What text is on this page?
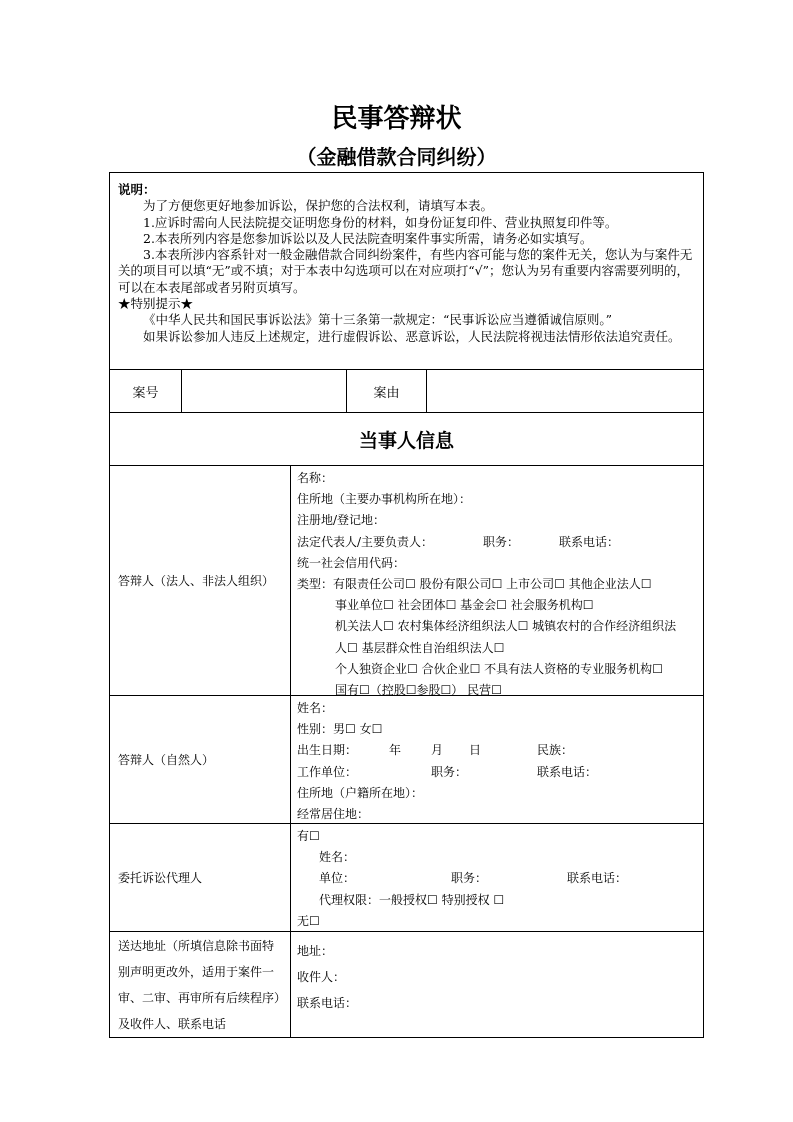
民事答辩状
（金融借款合同纠纷）
说明：
为了方便您更好地参加诉讼，保护您的合法权利，请填写本表。
1.应诉时需向人民法院提交证明您身份的材料，如身份证复印件、营业执照复印件等。
2.本表所列内容是您参加诉讼以及人民法院查明案件事实所需，请务必如实填写。
3.本表所涉内容系针对一般金融借款合同纠纷案件，有些内容可能与您的案件无关，您认为与案件无关的项目可以填“无”或不填；对于本表中勾选项可以在对应项打“√”；您认为另有重要内容需要列明的，可以在本表尾部或者另附页填写。
★特别提示★
《中华人民共和国民事诉讼法》第十三条第一款规定：“民事诉讼应当遵循诚信原则。”
如果诉讼参加人违反上述规定，进行虚假诉讼、恶意诉讼，人民法院将视违法情形依法追究责任。
案号	案由
当事人信息
答辩人（法人、非法人组织）
名称：
住所地（主要办事机构所在地）：
注册地/登记地：
法定代表人/主要负责人：	职务：	联系电话：
统一社会信用代码：
类型：有限责任公司☐ 股份有限公司☐ 上市公司☐ 其他企业法人☐
事业单位☐ 社会团体☐ 基金会☐ 社会服务机构☐
机关法人☐ 农村集体经济组织法人☐ 城镇农村的合作经济组织法
人☐ 基层群众性自治组织法人☐
个人独资企业☐ 合伙企业☐ 不具有法人资格的专业服务机构☐
国有☐（控股☐参股☐） 民营☐
答辩人（自然人）
姓名：
性别：男☐ 女☐
出生日期：	年 月 日	民族：
工作单位：	职务：	联系电话：
住所地（户籍所在地）：
经常居住地：
委托诉讼代理人
有☐
姓名：
单位：	职务：	联系电话：
代理权限：一般授权☐ 特别授权 ☐
无☐
送达地址（所填信息除书面特别声明更改外，适用于案件一审、二审、再审所有后续程序）及收件人、联系电话
地址：
收件人：
联系电话：
